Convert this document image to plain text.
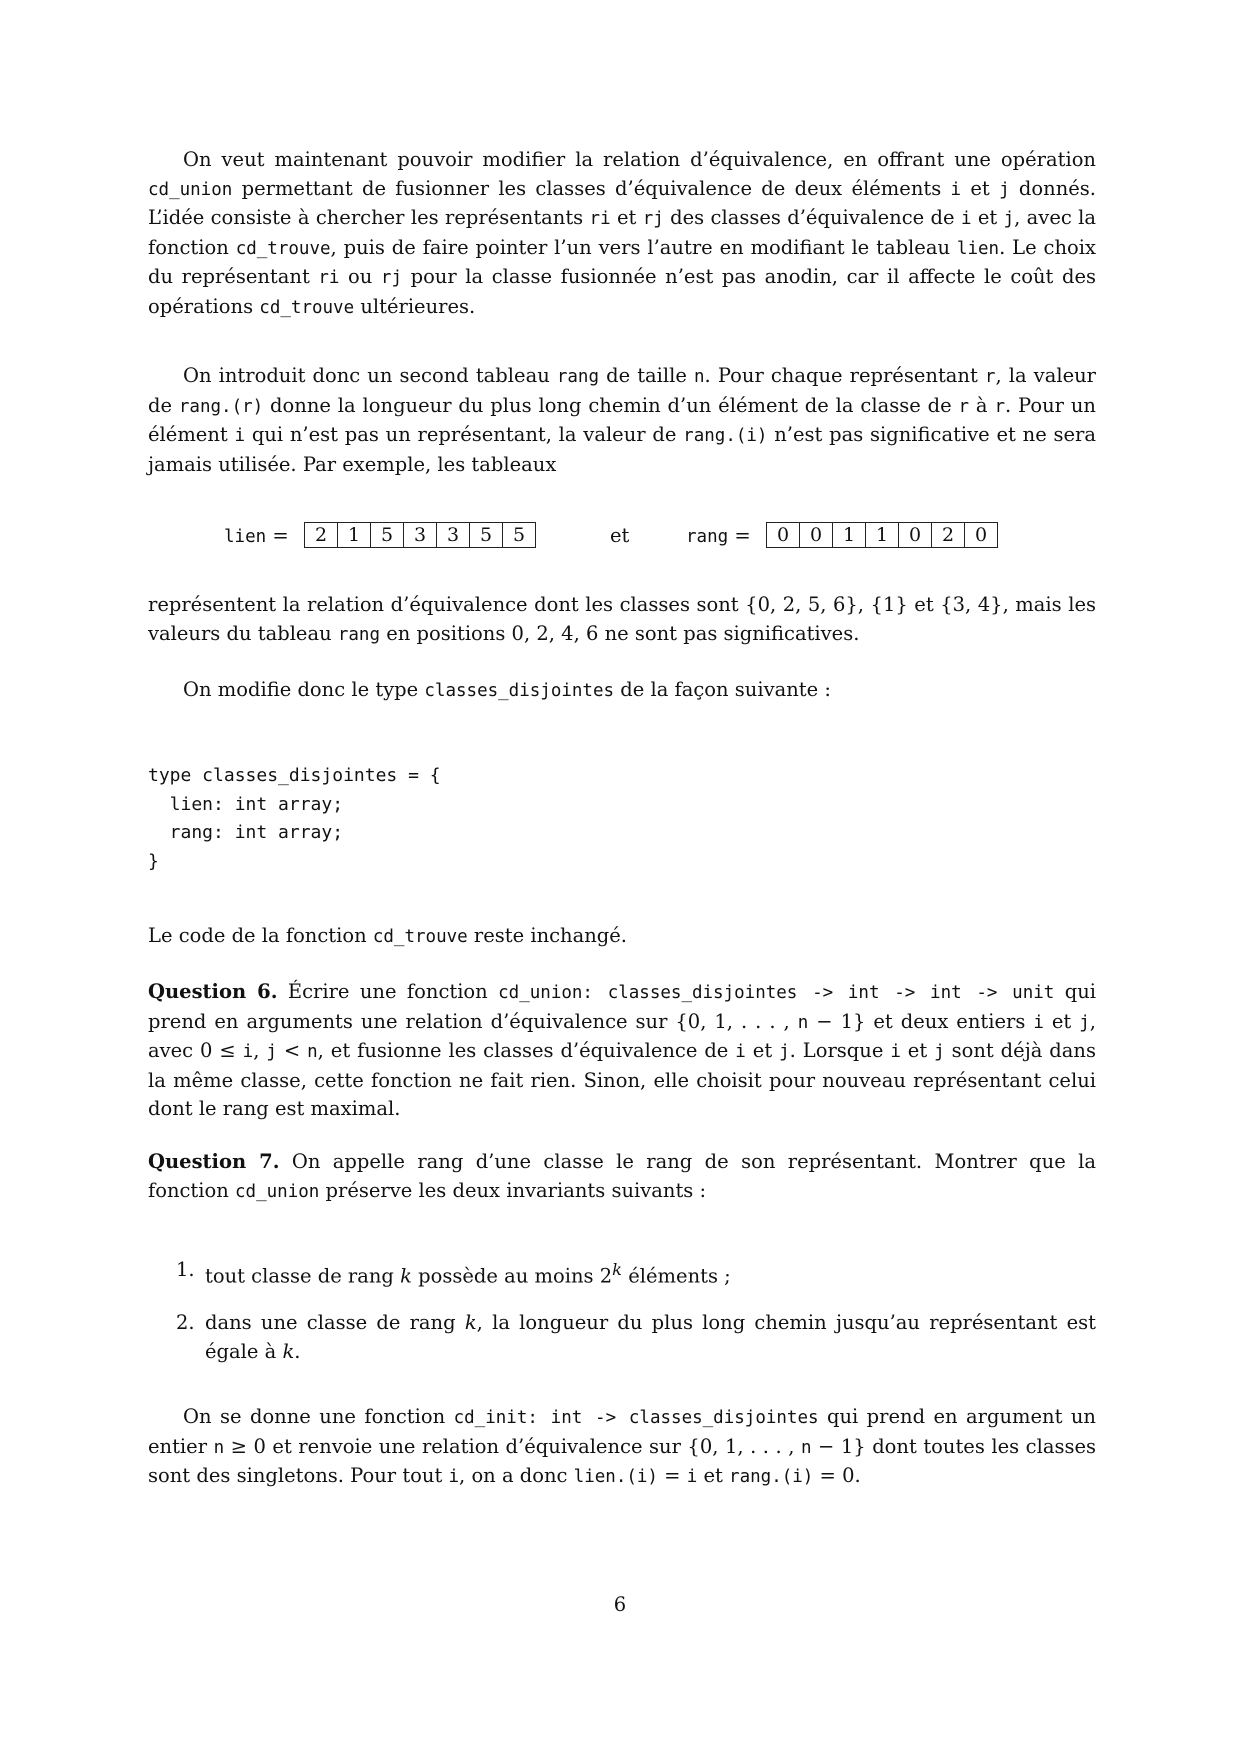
On veut maintenant pouvoir modifier la relation d’équivalence, en offrant une opération cd_union permettant de fusionner les classes d’équivalence de deux éléments i et j donnés. L’idée consiste à chercher les représentants ri et rj des classes d’équivalence de i et j, avec la fonction cd_trouve, puis de faire pointer l’un vers l’autre en modifiant le tableau lien. Le choix du représentant ri ou rj pour la classe fusionnée n’est pas anodin, car il affecte le coût des opérations cd_trouve ultérieures.

On introduit donc un second tableau rang de taille n. Pour chaque représentant r, la valeur de rang.(r) donne la longueur du plus long chemin d’un élément de la classe de r à r. Pour un élément i qui n’est pas un représentant, la valeur de rang.(i) n’est pas significative et ne sera jamais utilisée. Par exemple, les tableaux

lien = 2	1	5	3	3	5	5	et	rang = 0	0	1	1	0	2	0

représentent la relation d’équivalence dont les classes sont {0, 2, 5, 6}, {1} et {3, 4}, mais les valeurs du tableau rang en positions 0, 2, 4, 6 ne sont pas significatives.

On modifie donc le type classes_disjointes de la façon suivante :

type classes_disjointes = {
lien: int array;
rang: int array;
}

Le code de la fonction cd_trouve reste inchangé.

Question 6. Écrire une fonction cd_union: classes_disjointes -> int -> int -> unit qui prend en arguments une relation d’équivalence sur {0, 1, . . . , n − 1} et deux entiers i et j, avec 0 ≤ i, j < n, et fusionne les classes d’équivalence de i et j. Lorsque i et j sont déjà dans la même classe, cette fonction ne fait rien. Sinon, elle choisit pour nouveau représentant celui dont le rang est maximal.

Question 7. On appelle rang d’une classe le rang de son représentant. Montrer que la fonction cd_union préserve les deux invariants suivants :

1. tout classe de rang k possède au moins 2$^k$ éléments ;
2. dans une classe de rang k, la longueur du plus long chemin jusqu’au représentant est égale à k.

On se donne une fonction cd_init: int -> classes_disjointes qui prend en argument un entier n ≥ 0 et renvoie une relation d’équivalence sur {0, 1, . . . , n − 1} dont toutes les classes sont des singletons. Pour tout i, on a donc lien.(i) = i et rang.(i) = 0.

6
